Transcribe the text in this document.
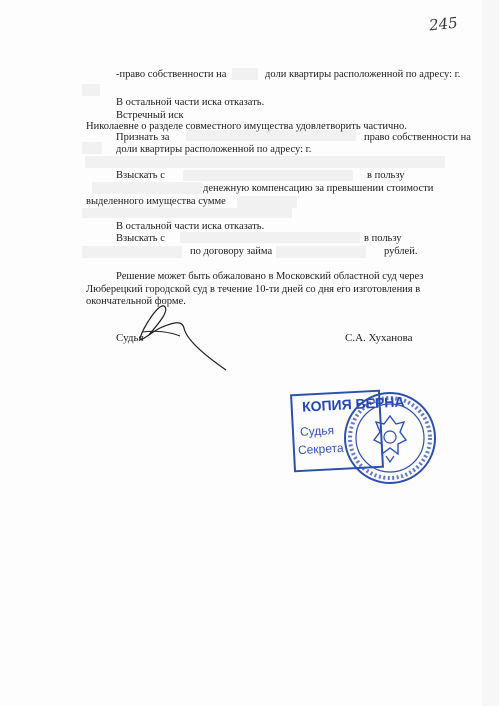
245
-право собственности на	доли квартиры расположенной по адресу: г.
В остальной части иска отказать.
Встречный иск
Николаевне о разделе совместного имущества удовлетворить частично.
Признать за	право собственности на
доли квартиры расположенной по адресу: г.
Взыскать с	в пользу
денежную компенсацию за превышении стоимости
выделенного имущества сумме
В остальной части иска отказать.
Взыскать с	в пользу
по договору займа	рублей.
Решение может быть обжаловано в Московский областной суд через
Люберецкий городской суд в течение 10-ти дней со дня его изготовления в
окончательной форме.
Судья	С.А. Хуханова
КОПИЯ ВЕРНА
Судья
Секрета
